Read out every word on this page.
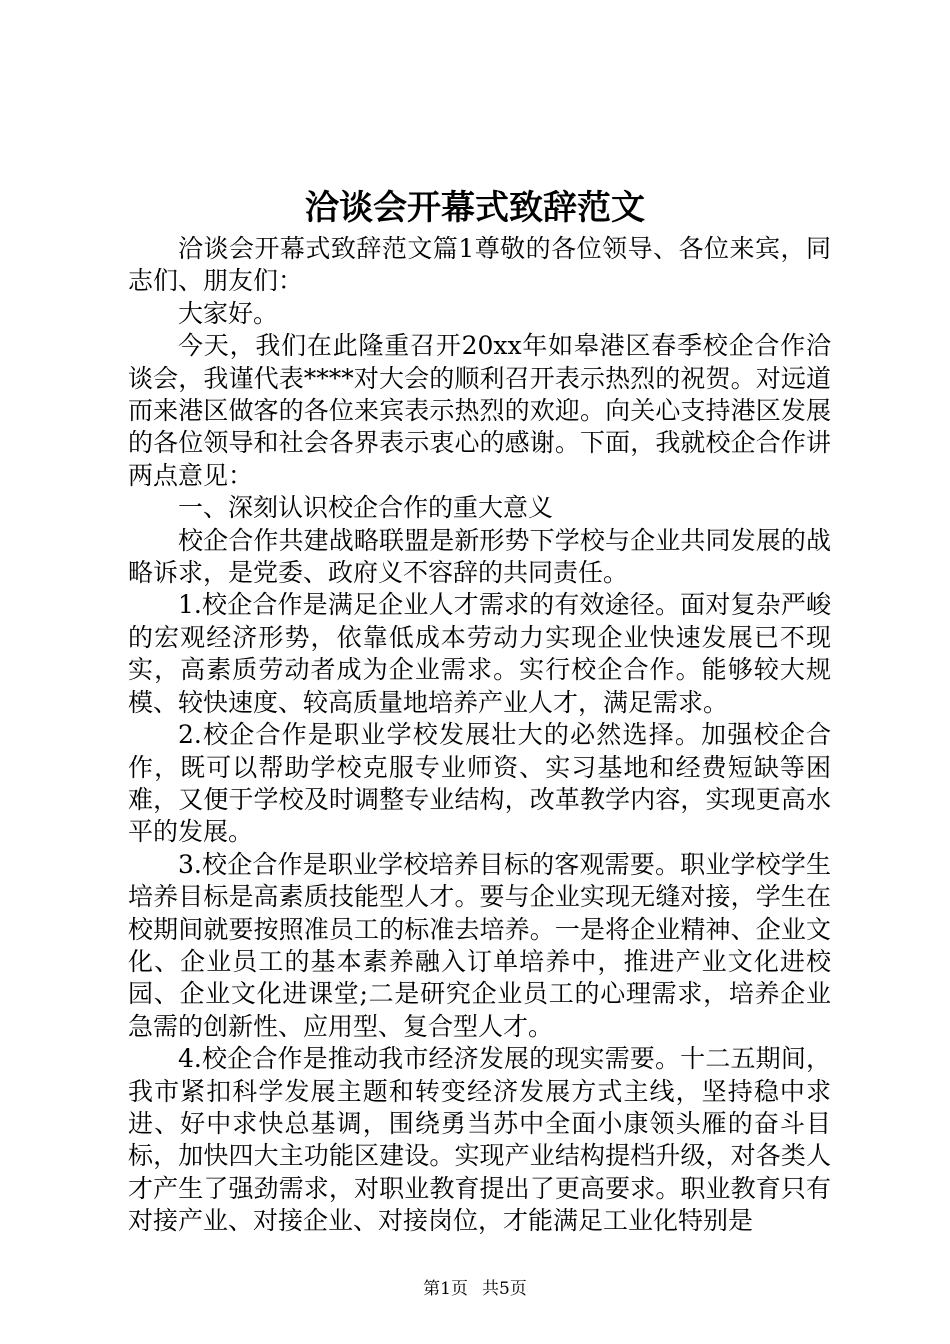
洽谈会开幕式致辞范文

洽谈会开幕式致辞范文篇1尊敬的各位领导、各位来宾，同志们、朋友们：

大家好。

今天，我们在此隆重召开20xx年如皋港区春季校企合作洽谈会，我谨代表****对大会的顺利召开表示热烈的祝贺。对远道而来港区做客的各位来宾表示热烈的欢迎。向关心支持港区发展的各位领导和社会各界表示衷心的感谢。下面，我就校企合作讲两点意见：

一、深刻认识校企合作的重大意义

校企合作共建战略联盟是新形势下学校与企业共同发展的战略诉求，是党委、政府义不容辞的共同责任。

1.校企合作是满足企业人才需求的有效途径。面对复杂严峻的宏观经济形势，依靠低成本劳动力实现企业快速发展已不现实，高素质劳动者成为企业需求。实行校企合作。能够较大规模、较快速度、较高质量地培养产业人才，满足需求。

2.校企合作是职业学校发展壮大的必然选择。加强校企合作，既可以帮助学校克服专业师资、实习基地和经费短缺等困难，又便于学校及时调整专业结构，改革教学内容，实现更高水平的发展。

3.校企合作是职业学校培养目标的客观需要。职业学校学生培养目标是高素质技能型人才。要与企业实现无缝对接，学生在校期间就要按照准员工的标准去培养。一是将企业精神、企业文化、企业员工的基本素养融入订单培养中，推进产业文化进校园、企业文化进课堂;二是研究企业员工的心理需求，培养企业急需的创新性、应用型、复合型人才。

4.校企合作是推动我市经济发展的现实需要。十二五期间，我市紧扣科学发展主题和转变经济发展方式主线，坚持稳中求进、好中求快总基调，围绕勇当苏中全面小康领头雁的奋斗目标，加快四大主功能区建设。实现产业结构提档升级，对各类人才产生了强劲需求，对职业教育提出了更高要求。职业教育只有对接产业、对接企业、对接岗位，才能满足工业化特别是

第1页 共5页
